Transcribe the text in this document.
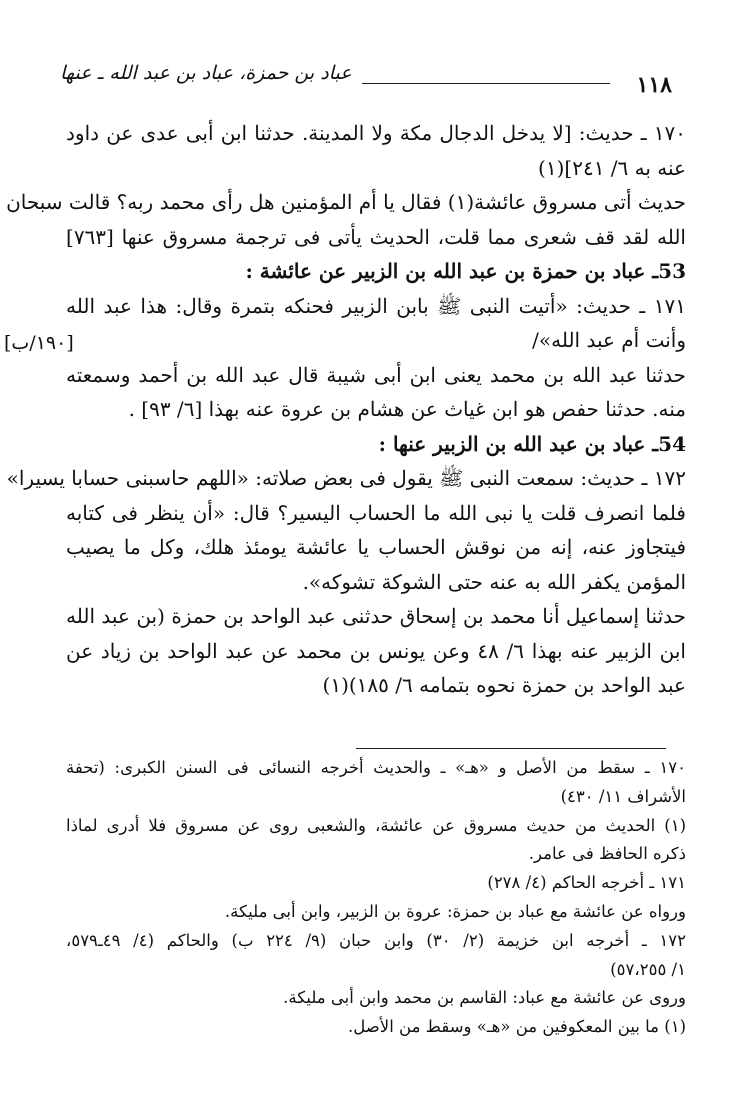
عباد بن حمزة، عباد بن عبد الله ـ عنها	١١٨
[١٩٠/ب]
١٧٠ ـ حديث: [لا يدخل الدجال مكة ولا المدينة. حدثنا ابن أبى عدى عن داود
عنه به ٦/ ٢٤١](١)
حديث أتى مسروق عائشة(١) فقال يا أم المؤمنين هل رأى محمد ربه؟ قالت سبحان
الله لقد قف شعرى مما قلت، الحديث يأتى فى ترجمة مسروق عنها [٧٦٣]
53ـ عباد بن حمزة بن عبد الله بن الزبير عن عائشة :
١٧١ ـ حديث: «أتيت النبى ﷺ بابن الزبير فحنكه بتمرة وقال: هذا عبد الله
وأنت أم عبد الله»/
حدثنا عبد الله بن محمد يعنى ابن أبى شيبة قال عبد الله بن أحمد وسمعته
منه. حدثنا حفص هو ابن غياث عن هشام بن عروة عنه بهذا [٦/ ٩٣] .
54ـ عباد بن عبد الله بن الزبير عنها :
١٧٢ ـ حديث: سمعت النبى ﷺ يقول فى بعض صلاته: «اللهم حاسبنى حسابا يسيرا»
فلما انصرف قلت يا نبى الله ما الحساب اليسير؟ قال: «أن ينظر فى كتابه
فيتجاوز عنه، إنه من نوقش الحساب يا عائشة يومئذ هلك، وكل ما يصيب
المؤمن يكفر الله به عنه حتى الشوكة تشوكه».
حدثنا إسماعيل أنا محمد بن إسحاق حدثنى عبد الواحد بن حمزة (بن عبد الله
ابن الزبير عنه بهذا ٦/ ٤٨ وعن يونس بن محمد عن عبد الواحد بن زياد عن
عبد الواحد بن حمزة نحوه بتمامه ٦/ ١٨٥)(١)
١٧٠ ـ سقط من الأصل و «هـ» ـ والحديث أخرجه النسائى فى السنن الكبرى: (تحفة
الأشراف ١١/ ٤٣٠)
(١) الحديث من حديث مسروق عن عائشة، والشعبى روى عن مسروق فلا أدرى لماذا
ذكره الحافظ فى عامر.
١٧١ ـ أخرجه الحاكم (٤/ ٢٧٨)
ورواه عن عائشة مع عباد بن حمزة: عروة بن الزبير، وابن أبى مليكة.
١٧٢ ـ أخرجه ابن خزيمة (٢/ ٣٠) وابن حبان (٩/ ٢٢٤ ب) والحاكم (٤/ ٤٩ـ٥٧٩،
١/ ٥٧،٢٥٥)
وروى عن عائشة مع عباد: القاسم بن محمد وابن أبى مليكة.
(١) ما بين المعكوفين من «هـ» وسقط من الأصل.
